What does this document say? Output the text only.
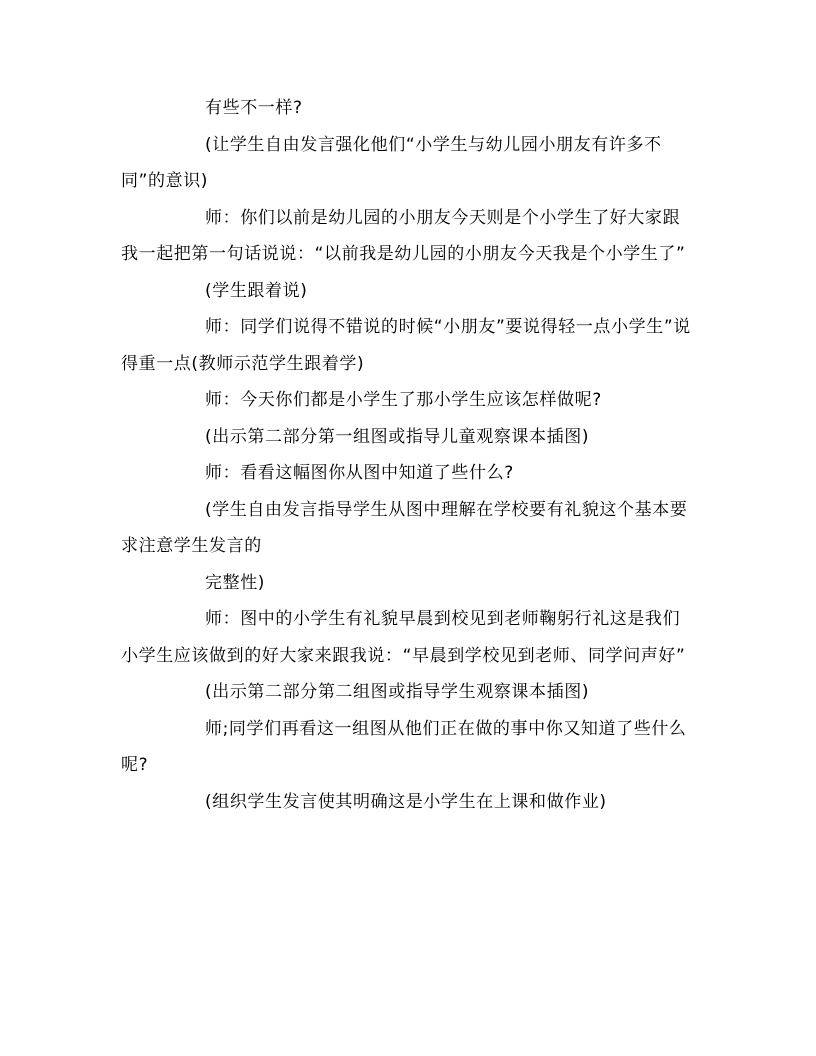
有些不一样?

(让学生自由发言强化他们“小学生与幼儿园小朋友有许多不同”的意识)

师：你们以前是幼儿园的小朋友今天则是个小学生了好大家跟我一起把第一句话说说：“以前我是幼儿园的小朋友今天我是个小学生了”

(学生跟着说)

师：同学们说得不错说的时候“小朋友”要说得轻一点小学生”说得重一点(教师示范学生跟着学)

师：今天你们都是小学生了那小学生应该怎样做呢?

(出示第二部分第一组图或指导儿童观察课本插图)

师：看看这幅图你从图中知道了些什么?

(学生自由发言指导学生从图中理解在学校要有礼貌这个基本要求注意学生发言的

完整性)

师：图中的小学生有礼貌早晨到校见到老师鞠躬行礼这是我们小学生应该做到的好大家来跟我说：“早晨到学校见到老师、同学问声好”

(出示第二部分第二组图或指导学生观察课本插图)

师;同学们再看这一组图从他们正在做的事中你又知道了些什么呢?

(组织学生发言使其明确这是小学生在上课和做作业)
